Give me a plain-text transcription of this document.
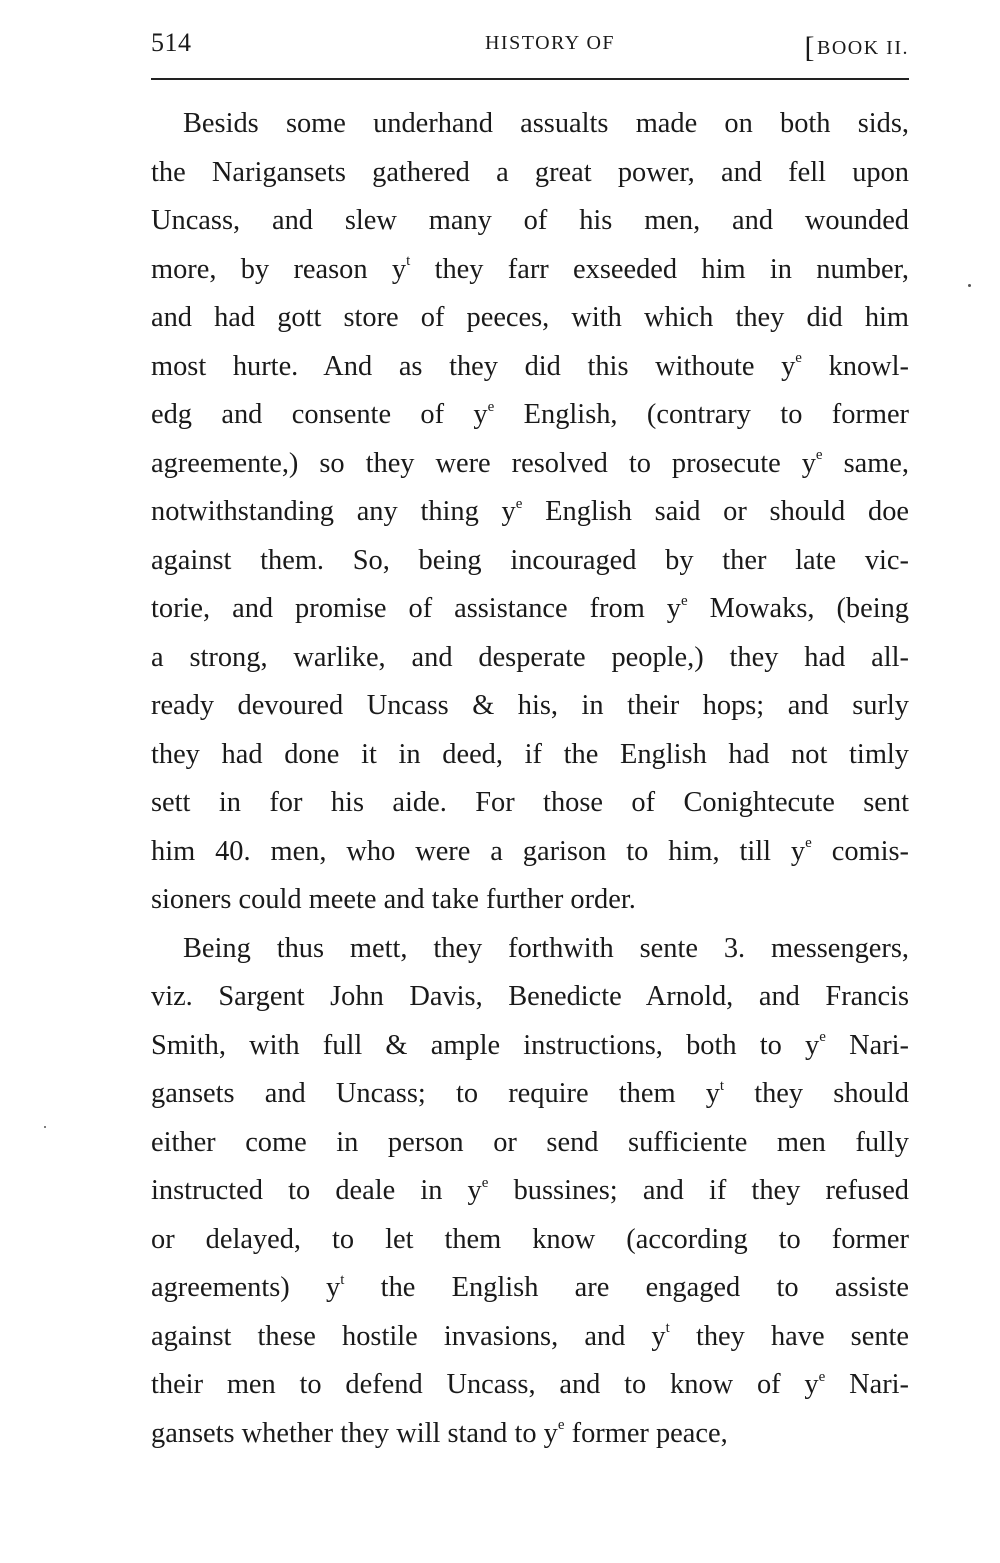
514	HISTORY OF	[BOOK II.
Besids some underhand assualts made on both sids,
the Narigansets gathered a great power, and fell upon
Uncass, and slew many of his men, and wounded
more, by reason $y^t$ they farr exseeded him in number,
and had gott store of peeces, with which they did him
most hurte. And as they did this withoute $y^e$ knowl-
edg and consente of $y^e$ English, (contrary to former
agreemente,) so they were resolved to prosecute $y^e$ same,
notwithstanding any thing $y^e$ English said or should doe
against them. So, being incouraged by ther late vic-
torie, and promise of assistance from $y^e$ Mowaks, (being
a strong, warlike, and desperate people,) they had all-
ready devoured Uncass & his, in their hops; and surly
they had done it in deed, if the English had not timly
sett in for his aide. For those of Conightecute sent
him 40. men, who were a garison to him, till $y^e$ comis-
sioners could meete and take further order.
Being thus mett, they forthwith sente 3. messengers,
viz. Sargent John Davis, Benedicte Arnold, and Francis
Smith, with full & ample instructions, both to $y^e$ Nari-
gansets and Uncass; to require them $y^t$ they should
either come in person or send sufficiente men fully
instructed to deale in $y^e$ bussines; and if they refused
or delayed, to let them know (according to former
agreements) $y^t$ the English are engaged to assiste
against these hostile invasions, and $y^t$ they have sente
their men to defend Uncass, and to know of $y^e$ Nari-
gansets whether they will stand to $y^e$ former peace,
